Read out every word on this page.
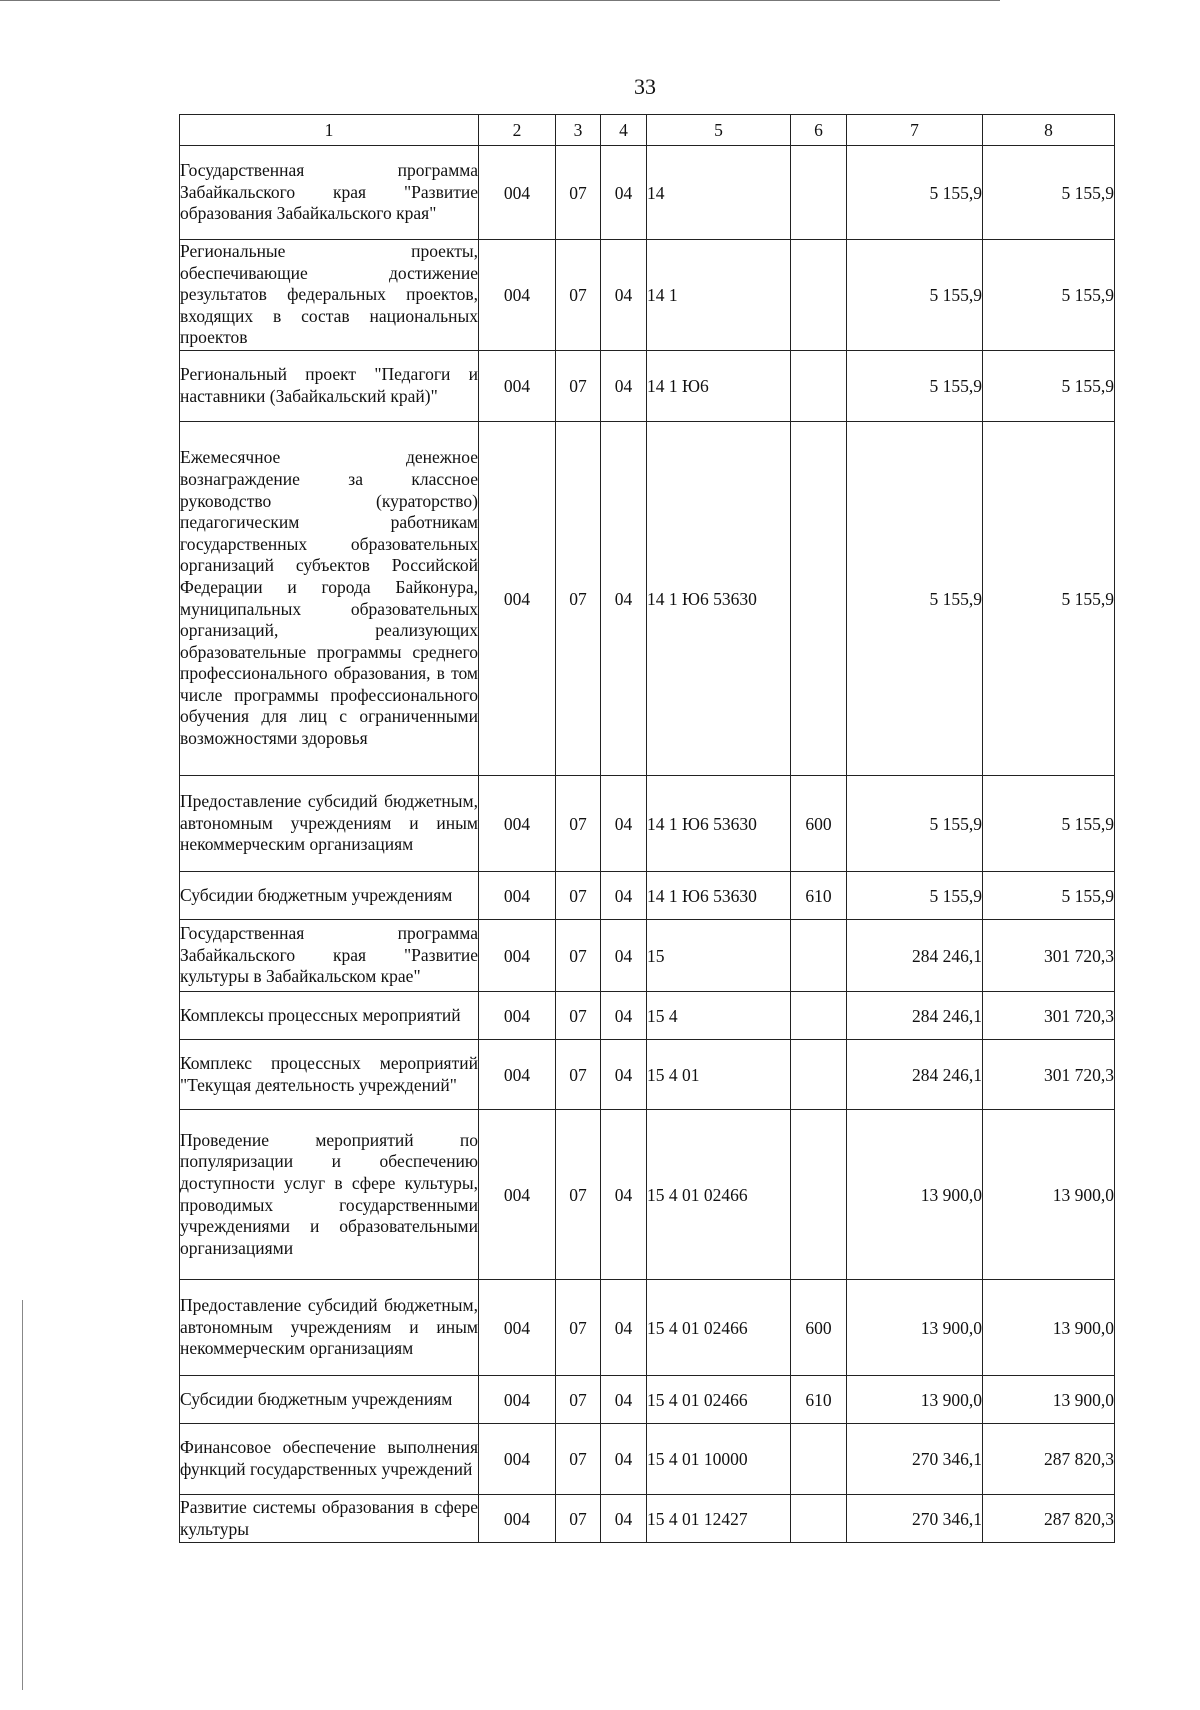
33
1	2	3	4	5	6	7	8
Государственная программа Забайкальского края "Развитие образования Забайкальского края"	004	07	04	14		5 155,9	5 155,9
Региональные проекты, обеспечивающие достижение результатов федеральных проектов, входящих в состав национальных проектов	004	07	04	14 1		5 155,9	5 155,9
Региональный проект "Педагоги и наставники (Забайкальский край)"	004	07	04	14 1 Ю6		5 155,9	5 155,9
Ежемесячное денежное вознаграждение за классное руководство (кураторство) педагогическим работникам государственных образовательных организаций субъектов Российской Федерации и города Байконура, муниципальных образовательных организаций, реализующих образовательные программы среднего профессионального образования, в том числе программы профессионального обучения для лиц с ограниченными возможностями здоровья	004	07	04	14 1 Ю6 53630		5 155,9	5 155,9
Предоставление субсидий бюджетным, автономным учреждениям и иным некоммерческим организациям	004	07	04	14 1 Ю6 53630	600	5 155,9	5 155,9
Субсидии бюджетным учреждениям	004	07	04	14 1 Ю6 53630	610	5 155,9	5 155,9
Государственная программа Забайкальского края "Развитие культуры в Забайкальском крае"	004	07	04	15		284 246,1	301 720,3
Комплексы процессных мероприятий	004	07	04	15 4		284 246,1	301 720,3
Комплекс процессных мероприятий "Текущая деятельность учреждений"	004	07	04	15 4 01		284 246,1	301 720,3
Проведение мероприятий по популяризации и обеспечению доступности услуг в сфере культуры, проводимых государственными учреждениями и образовательными организациями	004	07	04	15 4 01 02466		13 900,0	13 900,0
Предоставление субсидий бюджетным, автономным учреждениям и иным некоммерческим организациям	004	07	04	15 4 01 02466	600	13 900,0	13 900,0
Субсидии бюджетным учреждениям	004	07	04	15 4 01 02466	610	13 900,0	13 900,0
Финансовое обеспечение выполнения функций государственных учреждений	004	07	04	15 4 01 10000		270 346,1	287 820,3
Развитие системы образования в сфере культуры	004	07	04	15 4 01 12427		270 346,1	287 820,3
